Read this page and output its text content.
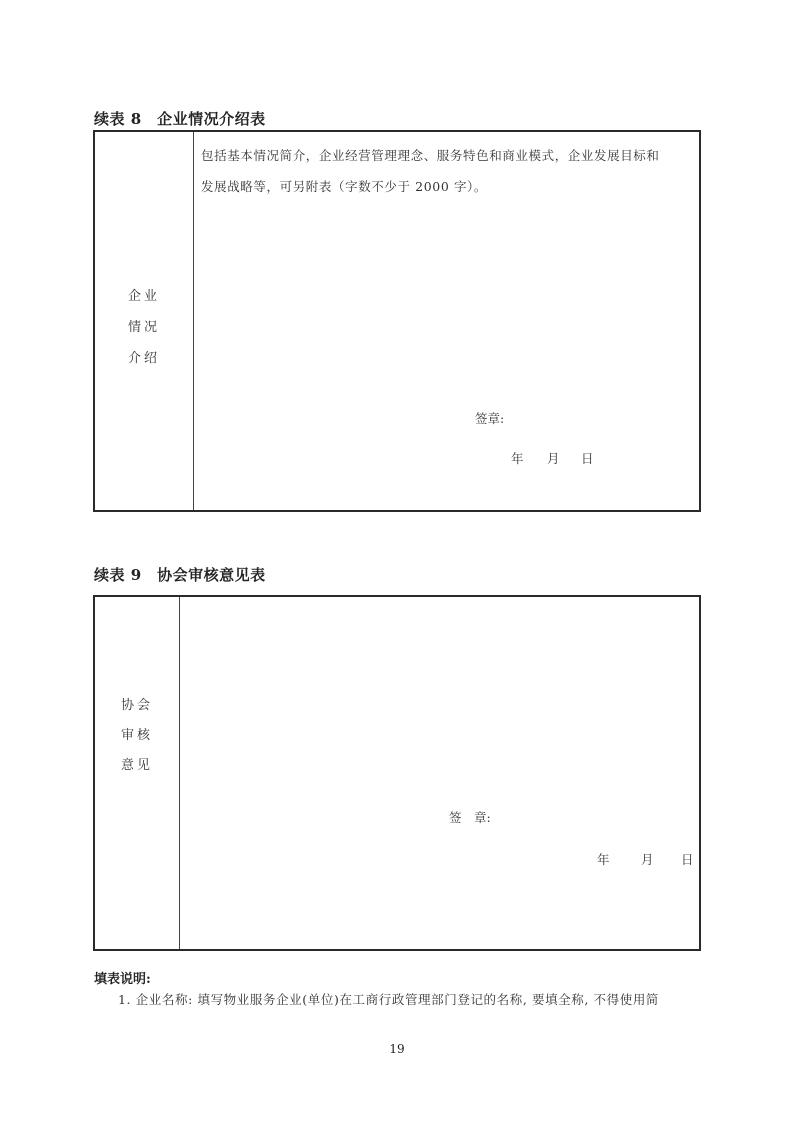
续表 8　企业情况介绍表
企业
情况
介绍
包括基本情况简介，企业经营管理理念、服务特色和商业模式，企业发展目标和
发展战略等，可另附表（字数不少于 2000 字）。
签章:
年 月 日
续表 9　协会审核意见表
协会
审核
意见
签　章:
年	月 日
填表说明:
1. 企业名称: 填写物业服务企业(单位)在工商行政管理部门登记的名称, 要填全称, 不得使用简
19
